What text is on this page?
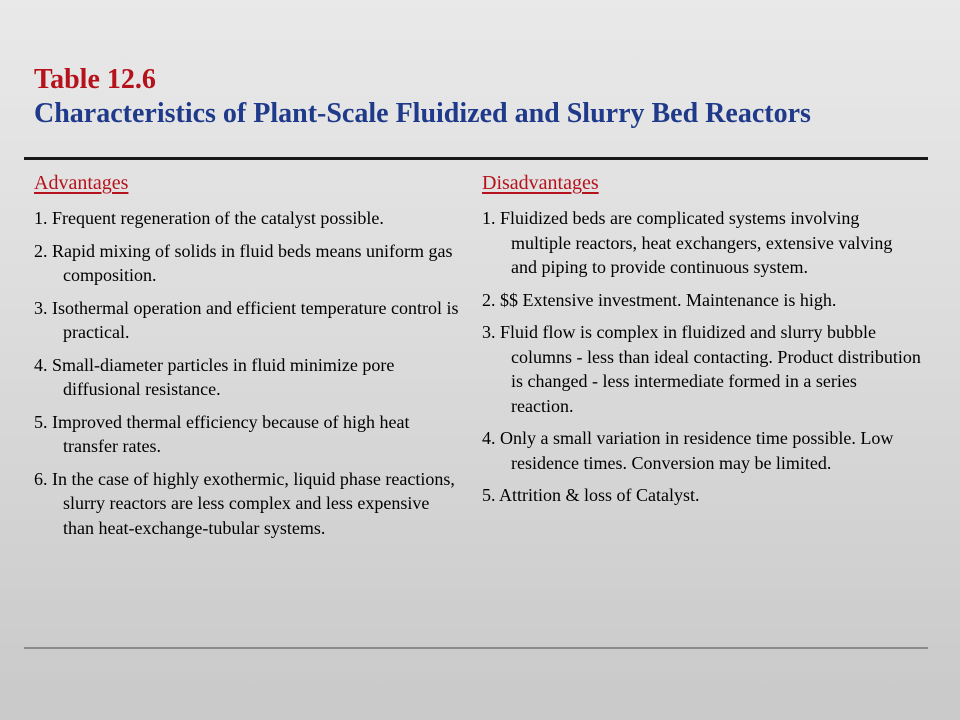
Table 12.6
Characteristics of Plant-Scale Fluidized and Slurry Bed Reactors
Advantages
1. Frequent regeneration of the catalyst possible.
2. Rapid mixing of solids in fluid beds means uniform gas composition.
3. Isothermal operation and efficient temperature control is practical.
4. Small-diameter particles in fluid minimize pore diffusional resistance.
5. Improved thermal efficiency because of high heat transfer rates.
6. In the case of highly exothermic, liquid phase reactions, slurry reactors are less complex and less expensive than heat-exchange-tubular systems.
Disadvantages
1. Fluidized beds are complicated systems involving multiple reactors, heat exchangers, extensive valving and piping to provide continuous system.
2. $$ Extensive investment. Maintenance is high.
3. Fluid flow is complex in fluidized and slurry bubble columns - less than ideal contacting. Product distribution is changed - less intermediate formed in a series reaction.
4. Only a small variation in residence time possible. Low residence times. Conversion may be limited.
5. Attrition & loss of Catalyst.
